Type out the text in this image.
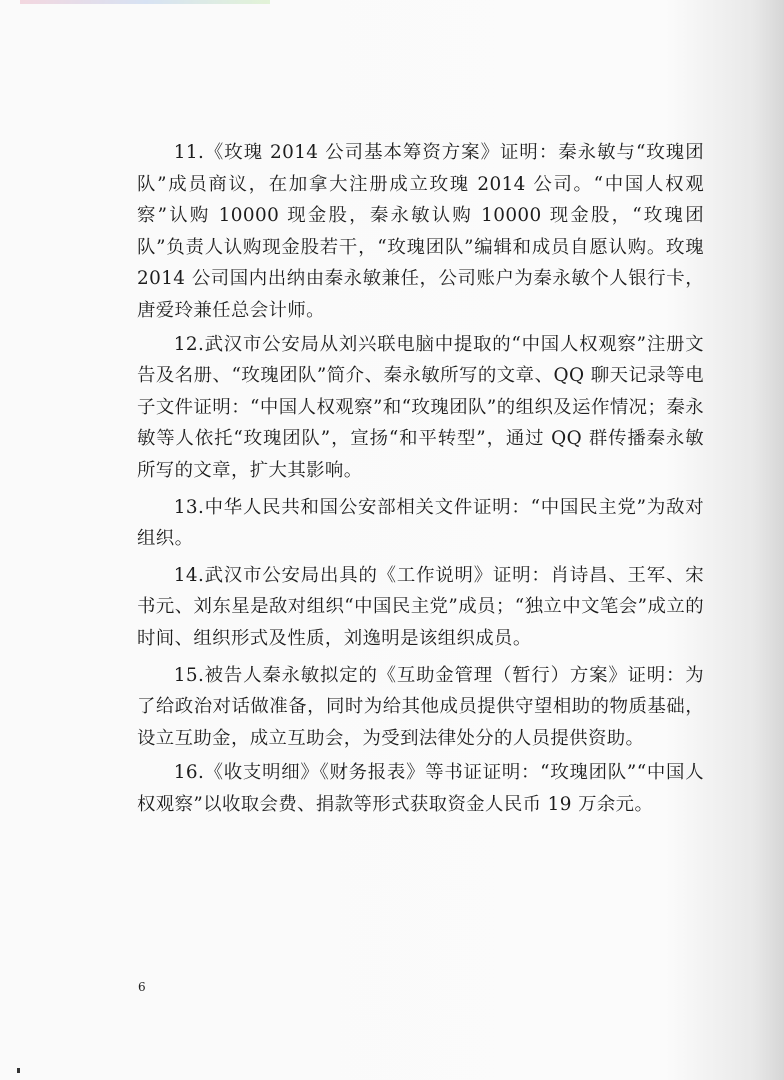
11.《玫瑰 2014 公司基本筹资方案》证明：秦永敏与“玫瑰团队”成员商议，在加拿大注册成立玫瑰 2014 公司。“中国人权观察”认购 10000 现金股，秦永敏认购 10000 现金股，“玫瑰团队”负责人认购现金股若干，“玫瑰团队”编辑和成员自愿认购。玫瑰 2014 公司国内出纳由秦永敏兼任，公司账户为秦永敏个人银行卡，唐爱玲兼任总会计师。

12.武汉市公安局从刘兴联电脑中提取的“中国人权观察”注册文告及名册、“玫瑰团队”简介、秦永敏所写的文章、QQ 聊天记录等电子文件证明：“中国人权观察”和“玫瑰团队”的组织及运作情况；秦永敏等人依托“玫瑰团队”，宣扬“和平转型”，通过 QQ 群传播秦永敏所写的文章，扩大其影响。

13.中华人民共和国公安部相关文件证明：“中国民主党”为敌对组织。

14.武汉市公安局出具的《工作说明》证明：肖诗昌、王军、宋书元、刘东星是敌对组织“中国民主党”成员；“独立中文笔会”成立的时间、组织形式及性质，刘逸明是该组织成员。

15.被告人秦永敏拟定的《互助金管理（暂行）方案》证明：为了给政治对话做准备，同时为给其他成员提供守望相助的物质基础，设立互助金，成立互助会，为受到法律处分的人员提供资助。

16.《收支明细》《财务报表》等书证证明：“玫瑰团队”“中国人权观察”以收取会费、捐款等形式获取资金人民币 19 万余元。

6
